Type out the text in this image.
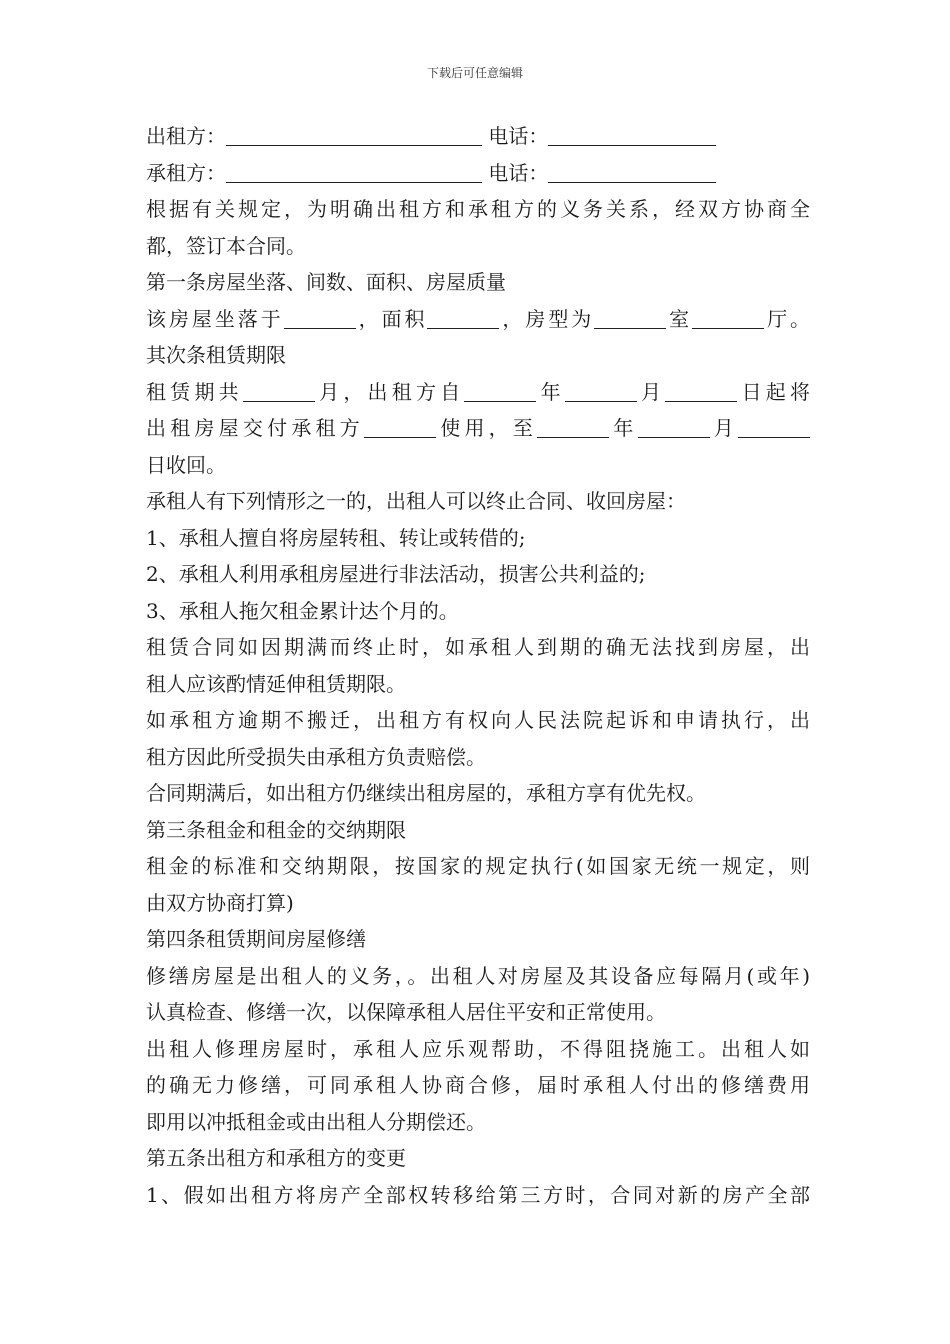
下载后可任意编辑
出租方：	电话：
承租方：	电话：
根据有关规定，为明确出租方和承租方的义务关系，经双方协商全
都，签订本合同。
第一条房屋坐落、间数、面积、房屋质量
该房屋坐落于	，面积	，房型为	室	厅。
其次条租赁期限
租赁期共	月，出租方自	年	月	日起将
出租房屋交付承租方	使用，至	年	月
日收回。
承租人有下列情形之一的，出租人可以终止合同、收回房屋：
1、承租人擅自将房屋转租、转让或转借的;
2、承租人利用承租房屋进行非法活动，损害公共利益的;
3、承租人拖欠租金累计达个月的。
租赁合同如因期满而终止时，如承租人到期的确无法找到房屋，出
租人应该酌情延伸租赁期限。
如承租方逾期不搬迁，出租方有权向人民法院起诉和申请执行，出
租方因此所受损失由承租方负责赔偿。
合同期满后，如出租方仍继续出租房屋的，承租方享有优先权。
第三条租金和租金的交纳期限
租金的标准和交纳期限，按国家的规定执行(如国家无统一规定，则
由双方协商打算)
第四条租赁期间房屋修缮
修缮房屋是出租人的义务，。出租人对房屋及其设备应每隔月(或年)
认真检查、修缮一次，以保障承租人居住平安和正常使用。
出租人修理房屋时，承租人应乐观帮助，不得阻挠施工。出租人如
的确无力修缮，可同承租人协商合修，届时承租人付出的修缮费用
即用以冲抵租金或由出租人分期偿还。
第五条出租方和承租方的变更
1、假如出租方将房产全部权转移给第三方时，合同对新的房产全部
